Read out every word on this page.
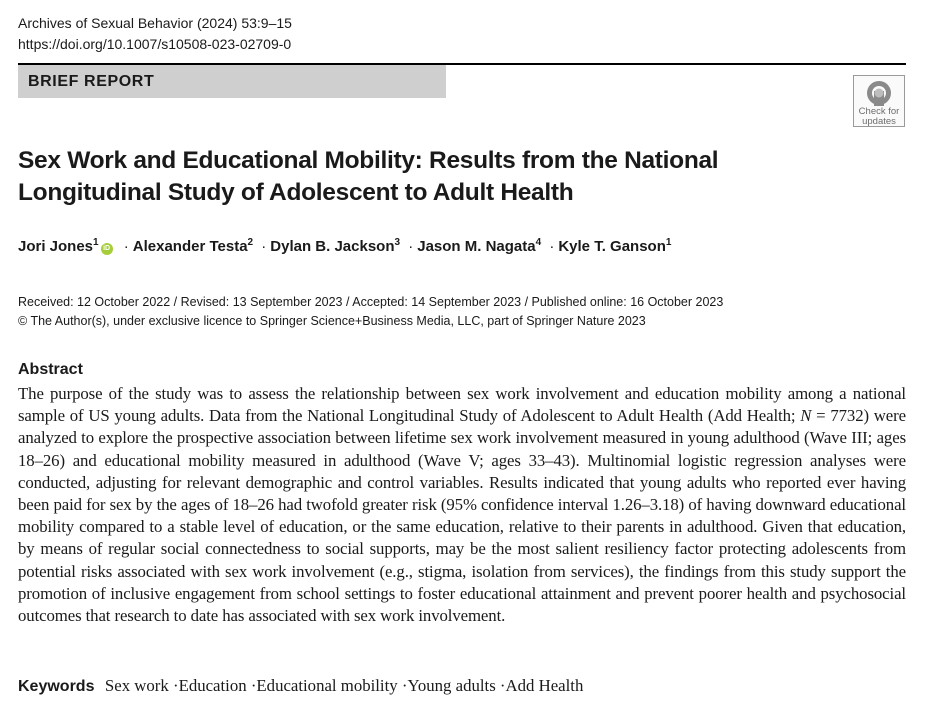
Archives of Sexual Behavior (2024) 53:9–15
https://doi.org/10.1007/s10508-023-02709-0
BRIEF REPORT
Check for
updates
Sex Work and Educational Mobility: Results from the National
Longitudinal Study of Adolescent to Adult Health
Jori Jones$^1$iD · Alexander Testa$^2$ · Dylan B. Jackson$^3$ · Jason M. Nagata$^4$ · Kyle T. Ganson$^1$
Received: 12 October 2022 / Revised: 13 September 2023 / Accepted: 14 September 2023 / Published online: 16 October 2023
© The Author(s), under exclusive licence to Springer Science+Business Media, LLC, part of Springer Nature 2023
Abstract
The purpose of the study was to assess the relationship between sex work involvement and education mobility among a national sample of US young adults. Data from the National Longitudinal Study of Adolescent to Adult Health (Add Health; N = 7732) were analyzed to explore the prospective association between lifetime sex work involvement measured in young adulthood (Wave III; ages 18–26) and educational mobility measured in adulthood (Wave V; ages 33–43). Multinomial logistic regression analyses were conducted, adjusting for relevant demographic and control variables. Results indicated that young adults who reported ever having been paid for sex by the ages of 18–26 had twofold greater risk (95% confidence interval 1.26–3.18) of having downward educational mobility compared to a stable level of education, or the same education, relative to their parents in adulthood. Given that education, by means of regular social connectedness to social supports, may be the most salient resiliency factor protecting adolescents from potential risks associated with sex work involvement (e.g., stigma, isolation from services), the findings from this study support the promotion of inclusive engagement from school settings to foster educational attainment and prevent poorer health and psychosocial outcomes that research to date has associated with sex work involvement.
Keywords Sex work · Education · Educational mobility · Young adults · Add Health
